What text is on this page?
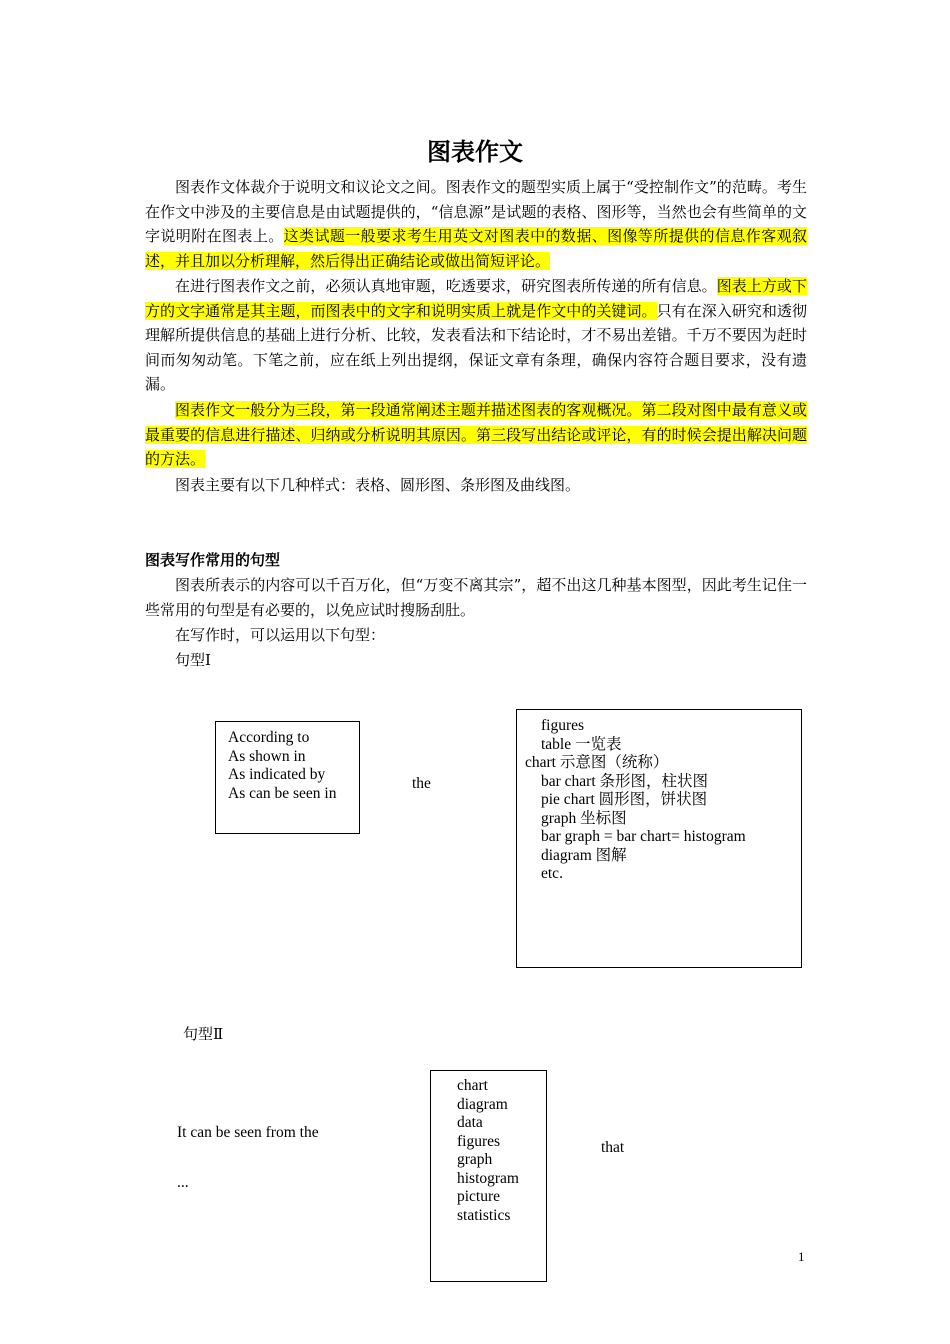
图表作文

图表作文体裁介于说明文和议论文之间。图表作文的题型实质上属于“受控制作文”的范畴。考生在作文中涉及的主要信息是由试题提供的，“信息源”是试题的表格、图形等，当然也会有些简单的文字说明附在图表上。这类试题一般要求考生用英文对图表中的数据、图像等所提供的信息作客观叙述，并且加以分析理解，然后得出正确结论或做出简短评论。

在进行图表作文之前，必须认真地审题，吃透要求，研究图表所传递的所有信息。图表上方或下方的文字通常是其主题，而图表中的文字和说明实质上就是作文中的关键词。只有在深入研究和透彻理解所提供信息的基础上进行分析、比较，发表看法和下结论时，才不易出差错。千万不要因为赶时间而匆匆动笔。下笔之前，应在纸上列出提纲，保证文章有条理，确保内容符合题目要求，没有遗漏。

图表作文一般分为三段，第一段通常阐述主题并描述图表的客观概况。第二段对图中最有意义或最重要的信息进行描述、归纳或分析说明其原因。第三段写出结论或评论，有的时候会提出解决问题的方法。

图表主要有以下几种样式：表格、圆形图、条形图及曲线图。

图表写作常用的句型

图表所表示的内容可以千百万化，但“万变不离其宗”，超不出这几种基本图型，因此考生记住一些常用的句型是有必要的，以免应试时搜肠刮肚。

在写作时，可以运用以下句型：

句型Ⅰ

According to
As shown in
As indicated by
As can be seen in
the
figures
table 一览表
chart 示意图（统称）
bar chart 条形图，柱状图
pie chart 圆形图，饼状图
graph 坐标图
bar graph = bar chart= histogram
diagram 图解
etc.
句型Ⅱ
It can be seen from the
...
chart
diagram
data
figures
graph
histogram
picture
statistics
that
1
